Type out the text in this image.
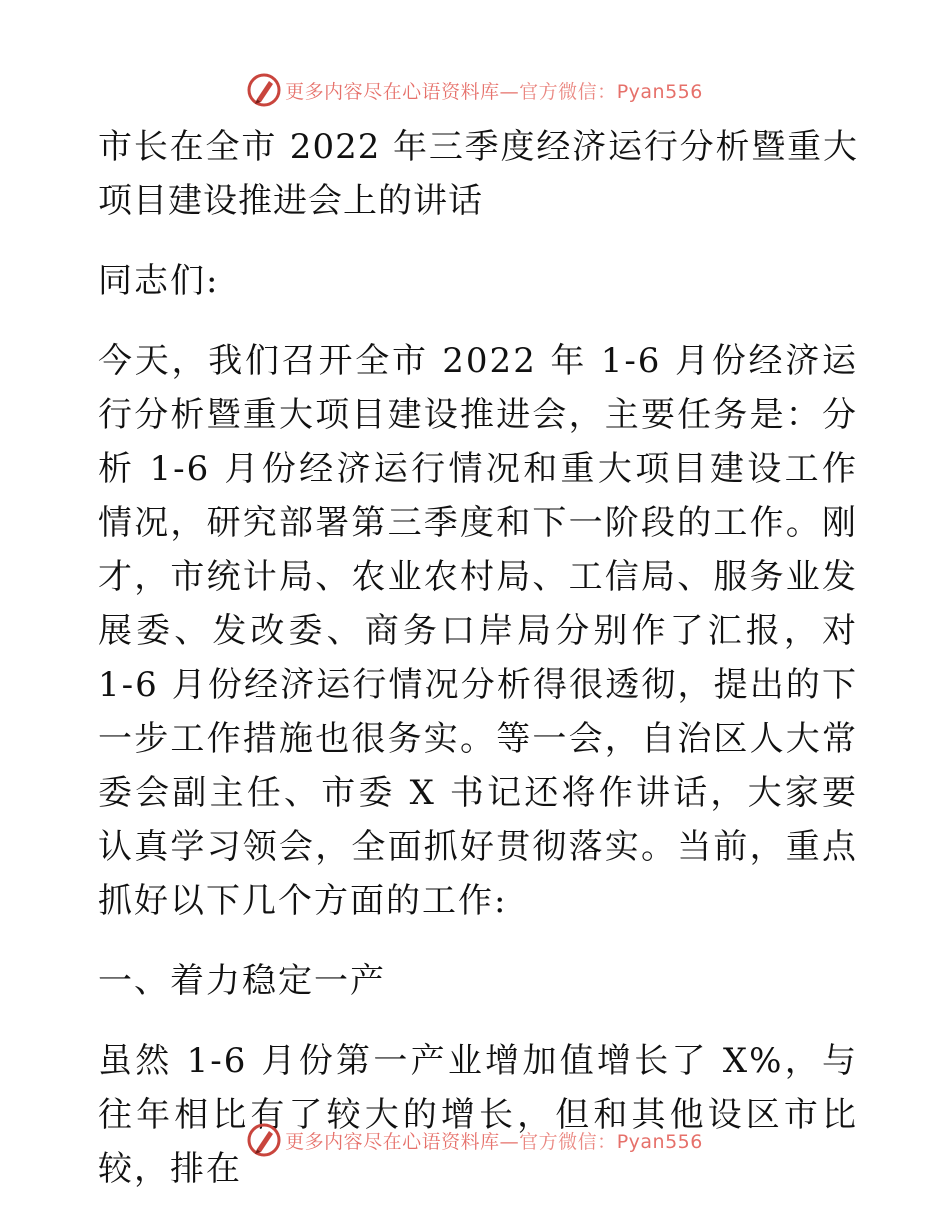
更多内容尽在心语资料库—官方微信：Pyan556

市长在全市 2022 年三季度经济运行分析暨重大项目建设推进会上的讲话

同志们:

今天，我们召开全市 2022 年 1-6 月份经济运行分析暨重大项目建设推进会，主要任务是：分析 1-6 月份经济运行情况和重大项目建设工作情况，研究部署第三季度和下一阶段的工作。刚才，市统计局、农业农村局、工信局、服务业发展委、发改委、商务口岸局分别作了汇报，对 1-6 月份经济运行情况分析得很透彻，提出的下一步工作措施也很务实。等一会，自治区人大常委会副主任、市委 X 书记还将作讲话，大家要认真学习领会，全面抓好贯彻落实。当前，重点抓好以下几个方面的工作:

一、着力稳定一产

虽然 1-6 月份第一产业增加值增长了 X%，与往年相比有了较大的增长，但和其他设区市比较，排在

更多内容尽在心语资料库—官方微信：Pyan556
